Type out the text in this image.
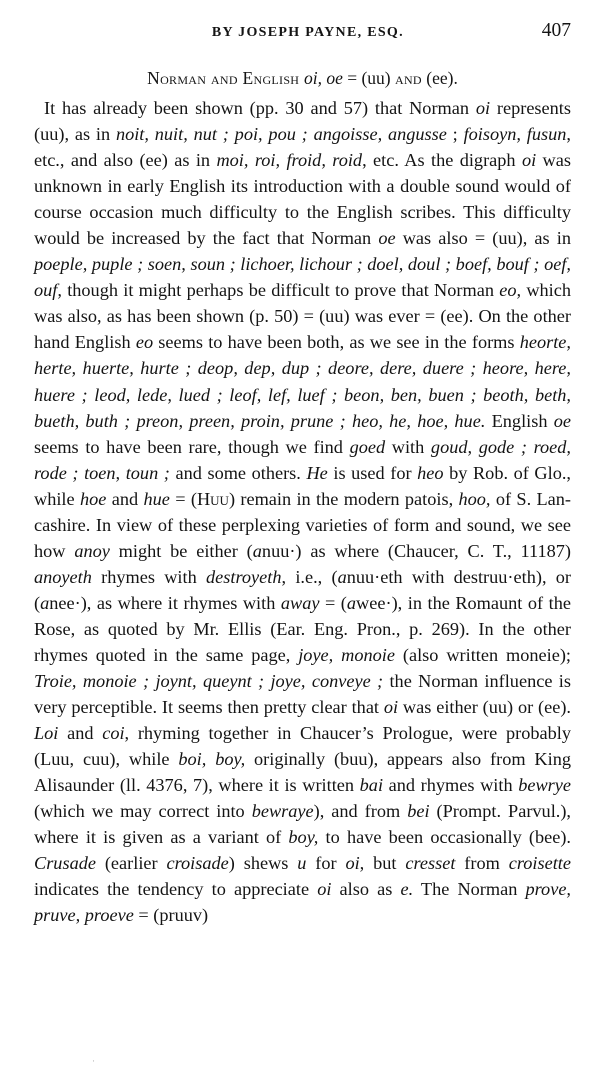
BY JOSEPH PAYNE, ESQ.	407
Norman and English oi, oe = (uu) and (ee).

It has already been shown (pp. 30 and 57) that Norman oi represents (uu), as in noit, nuit, nut ; poi, pou ; angoisse, angusse ; foisoyn, fusun, etc., and also (ee) as in moi, roi, froid, roid, etc. As the digraph oi was unknown in early English its introduction with a double sound would of course occasion much difficulty to the English scribes. This difficulty would be increased by the fact that Norman oe was also = (uu), as in poeple, puple ; soen, soun ; lichoer, lichour ; doel, doul ; boef, bouf ; oef, ouf, though it might perhaps be difficult to prove that Norman eo, which was also, as has been shown (p. 50) = (uu) was ever = (ee). On the other hand English eo seems to have been both, as we see in the forms heorte, herte, huerte, hurte ; deop, dep, dup ; deore, dere, duere ; heore, here, huere ; leod, lede, lued ; leof, lef, luef ; beon, ben, buen ; beoth, beth, bueth, buth ; preon, preen, proin, prune ; heo, he, hoe, hue. English oe seems to have been rare, though we find goed with goud, gode ; roed, rode ; toen, toun ; and some others. He is used for heo by Rob. of Glo., while hoe and hue = (Huu) remain in the modern patois, hoo, of S. Lancashire. In view of these perplexing varieties of form and sound, we see how anoy might be either (anuu·) as where (Chaucer, C. T., 11187) anoyeth rhymes with destroyeth, i.e., (anuu·eth with destruu·eth), or (anee·), as where it rhymes with away = (awee·), in the Romaunt of the Rose, as quoted by Mr. Ellis (Ear. Eng. Pron., p. 269). In the other rhymes quoted in the same page, joye, monoie (also written moneie); Troie, monoie ; joynt, queynt ; joye, conveye ; the Norman influence is very perceptible. It seems then pretty clear that oi was either (uu) or (ee). Loi and coi, rhyming together in Chaucer’s Prologue, were probably (Luu, cuu), while boi, boy, originally (buu), appears also from King Alisaunder (ll. 4376, 7), where it is written bai and rhymes with bewrye (which we may correct into bewraye), and from bei (Prompt. Parvul.), where it is given as a variant of boy, to have been occasionally (bee). Crusade (earlier croisade) shews u for oi, but cresset from croisette indicates the tendency to appreciate oi also as e. The Norman prove, pruve, proeve = (pruuv)

·
